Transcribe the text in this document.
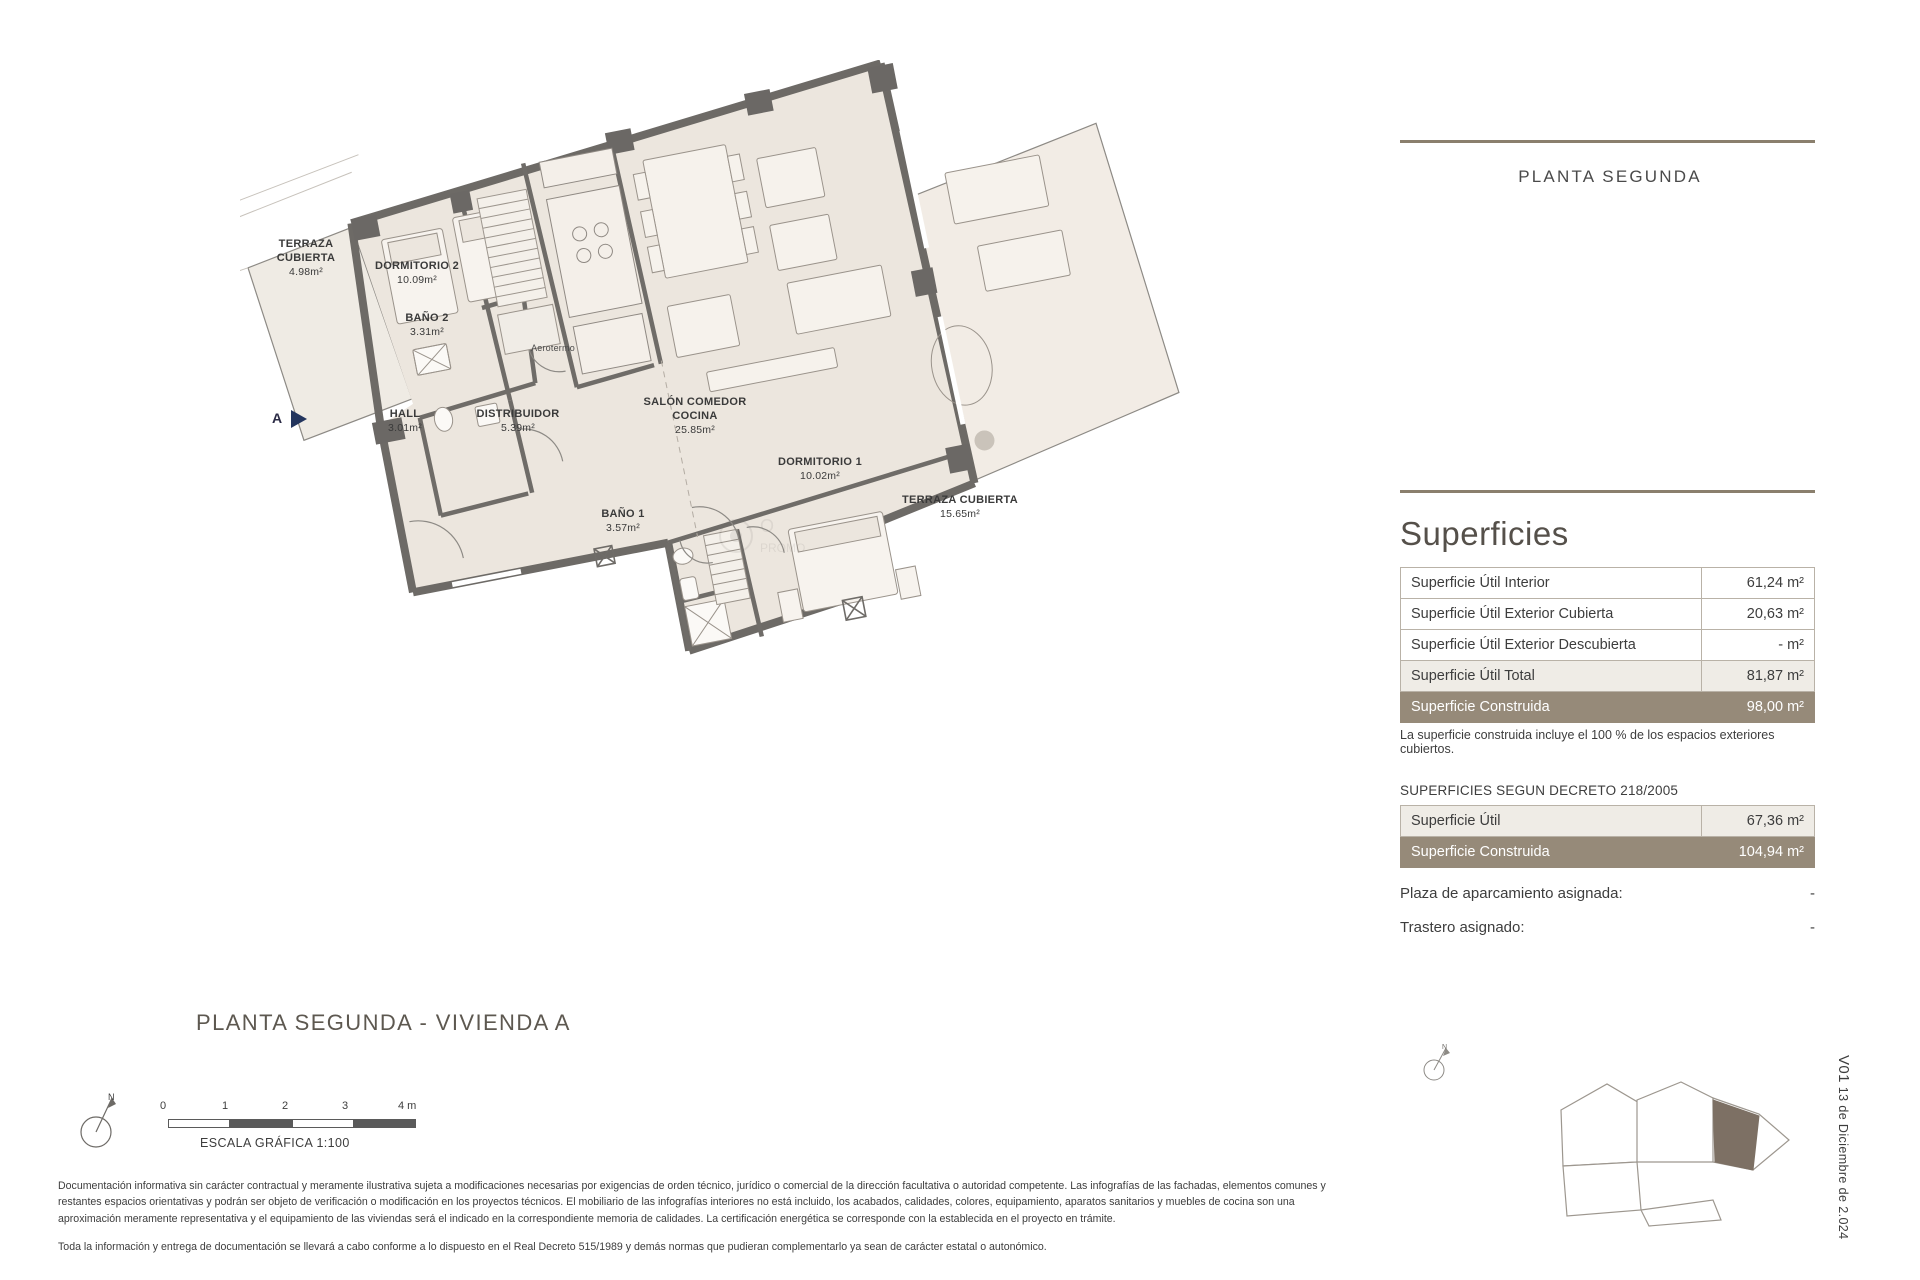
O
PROMO
TERRAZA CUBIERTA
4.98m²	DORMITORIO 2
10.09m²
BAÑO 2
3.31m²
HALL
3.01m²
DISTRIBUIDOR
5.39m²
SALÓN COMEDOR COCINA
25.85m²
BAÑO 1
3.57m²
DORMITORIO 1
10.02m²
TERRAZA CUBIERTA
15.65m²
Aerotermo
A
PLANTA SEGUNDA
Superficies
Superficie Útil Interior	61,24 m²
Superficie Útil Exterior Cubierta	20,63 m²
Superficie Útil Exterior Descubierta	- m²
Superficie Útil Total	81,87 m²
Superficie Construida	98,00 m²
La superficie construida incluye el 100 % de los espacios exteriores cubiertos.
SUPERFICIES SEGUN DECRETO 218/2005
Superficie Útil	67,36 m²
Superficie Construida	104,94 m²
Plaza de aparcamiento asignada:	-
Trastero asignado:	-
PLANTA SEGUNDA - VIVIENDA A
N
0	1	2	3	4 m
ESCALA GRÁFICA 1:100

Documentación informativa sin carácter contractual y meramente ilustrativa sujeta a modificaciones necesarias por exigencias de orden técnico, jurídico o comercial de la dirección facultativa o autoridad competente. Las infografías de las fachadas, elementos comunes y restantes espacios orientativas y podrán ser objeto de verificación o modificación en los proyectos técnicos. El mobiliario de las infografías interiores no está incluido, los acabados, calidades, colores, equipamiento, aparatos sanitarios y muebles de cocina son una aproximación meramente representativa y el equipamiento de las viviendas será el indicado en la correspondiente memoria de calidades. La certificación energética se corresponde con la establecida en el proyecto en trámite.

Toda la información y entrega de documentación se llevará a cabo conforme a lo dispuesto en el Real Decreto 515/1989 y demás normas que pudieran complementarlo ya sean de carácter estatal o autonómico.

N
V01 13 de Diciembre de 2.024
